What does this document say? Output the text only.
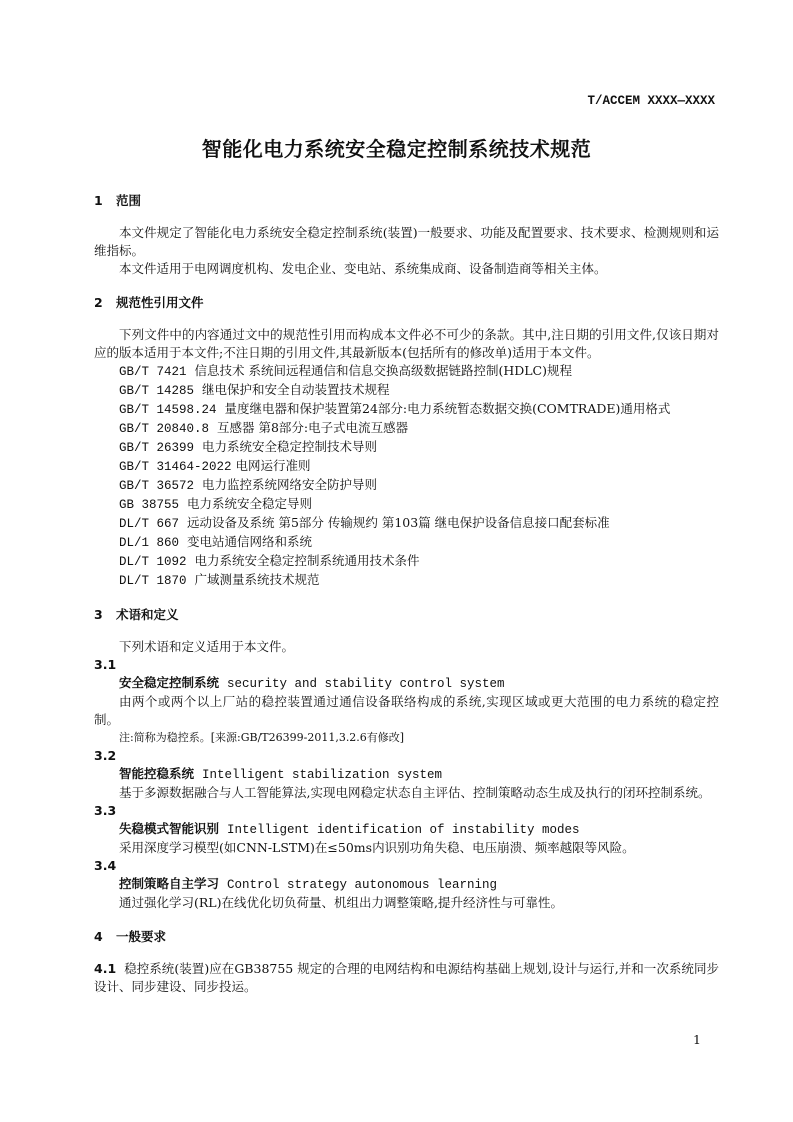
T/ACCEM XXXX—XXXX
智能化电力系统安全稳定控制系统技术规范

1 范围

本文件规定了智能化电力系统安全稳定控制系统(装置)一般要求、功能及配置要求、技术要求、检测规则和运维指标。

本文件适用于电网调度机构、发电企业、变电站、系统集成商、设备制造商等相关主体。

2 规范性引用文件

下列文件中的内容通过文中的规范性引用而构成本文件必不可少的条款。其中,注日期的引用文件,仅该日期对应的版本适用于本文件;不注日期的引用文件,其最新版本(包括所有的修改单)适用于本文件。

GB/T 7421 信息技术 系统间远程通信和信息交换高级数据链路控制(HDLC)规程

GB/T 14285 继电保护和安全自动装置技术规程

GB/T 14598.24 量度继电器和保护装置第24部分:电力系统暂态数据交换(COMTRADE)通用格式

GB/T 20840.8 互感器 第8部分:电子式电流互感器

GB/T 26399 电力系统安全稳定控制技术导则

GB/T 31464-2022 电网运行准则

GB/T 36572 电力监控系统网络安全防护导则

GB 38755 电力系统安全稳定导则

DL/T 667 远动设备及系统 第5部分 传输规约 第103篇 继电保护设备信息接口配套标准

DL/1 860 变电站通信网络和系统

DL/T 1092 电力系统安全稳定控制系统通用技术条件

DL/T 1870 广域测量系统技术规范

3 术语和定义

下列术语和定义适用于本文件。

3.1

安全稳定控制系统 security and stability control system

由两个或两个以上厂站的稳控装置通过通信设备联络构成的系统,实现区域或更大范围的电力系统的稳定控制。

注:简称为稳控系。[来源:GB/T26399-2011,3.2.6有修改]

3.2

智能控稳系统 Intelligent stabilization system

基于多源数据融合与人工智能算法,实现电网稳定状态自主评估、控制策略动态生成及执行的闭环控制系统。

3.3

失稳模式智能识别 Intelligent identification of instability modes

采用深度学习模型(如CNN-LSTM)在≤50ms内识别功角失稳、电压崩溃、频率越限等风险。

3.4

控制策略自主学习 Control strategy autonomous learning

通过强化学习(RL)在线优化切负荷量、机组出力调整策略,提升经济性与可靠性。

4 一般要求

4.1 稳控系统(装置)应在GB38755 规定的合理的电网结构和电源结构基础上规划,设计与运行,并和一次系统同步设计、同步建设、同步投运。

1
